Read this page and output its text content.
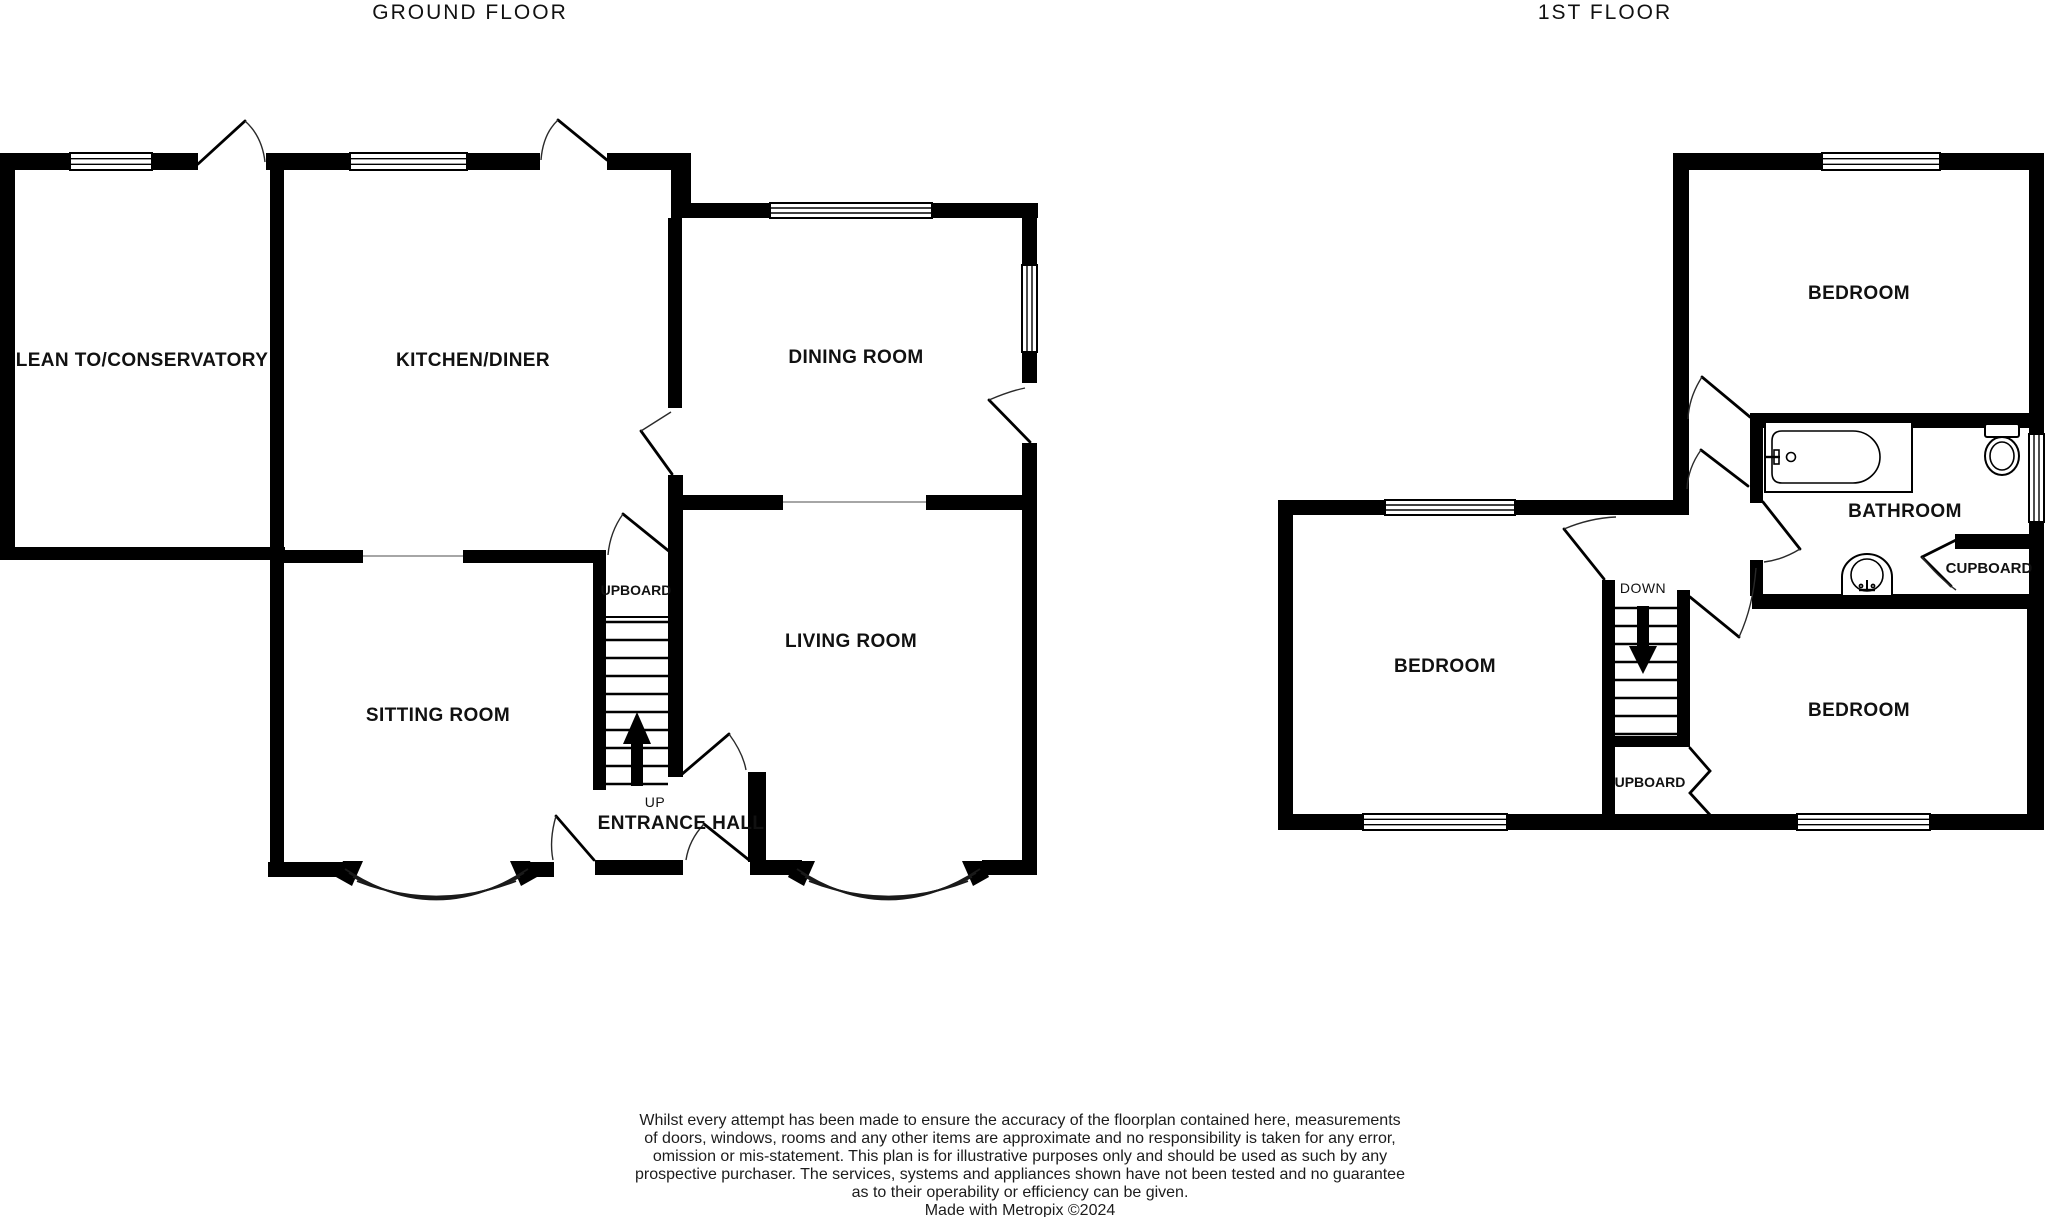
GROUND FLOOR	1ST FLOOR
LEAN TO/CONSERVATORY	KITCHEN/DINER	DINING ROOM
SITTING ROOM
LIVING ROOM
ENTRANCE HALL
UPBOARD
UP
BEDROOM
BATHROOM
CUPBOARD
BEDROOM
BEDROOM
UPBOARD
DOWN
Whilst every attempt has been made to ensure the accuracy of the floorplan contained here, measurements
of doors, windows, rooms and any other items are approximate and no responsibility is taken for any error,
omission or mis-statement. This plan is for illustrative purposes only and should be used as such by any
prospective purchaser. The services, systems and appliances shown have not been tested and no guarantee
as to their operability or efficiency can be given.
Made with Metropix ©2024
